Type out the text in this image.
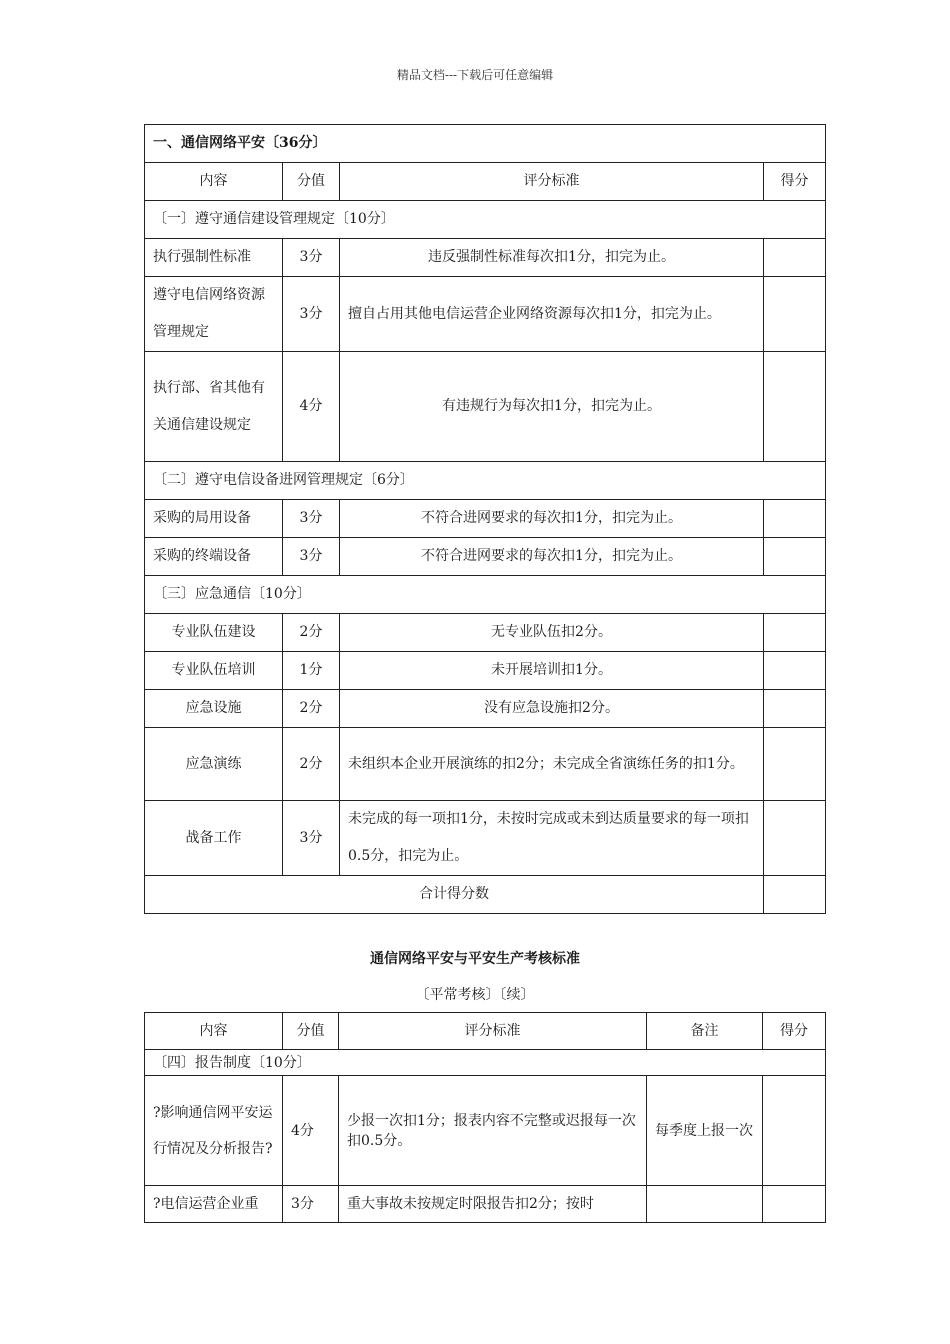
精品文档---下载后可任意编辑
一、通信网络平安〔36分〕			
内容	分值	评分标准	得分
〔一〕遵守通信建设管理规定〔10分〕			
执行强制性标准	3分	违反强制性标准每次扣1分，扣完为止。	
遵守电信网络资源管理规定	3分	擅自占用其他电信运营企业网络资源每次扣1分，扣完为止。	
执行部、省其他有关通信建设规定	4分	有违规行为每次扣1分，扣完为止。	
〔二〕遵守电信设备进网管理规定〔6分〕			
采购的局用设备	3分	不符合进网要求的每次扣1分，扣完为止。	
采购的终端设备	3分	不符合进网要求的每次扣1分，扣完为止。	
〔三〕应急通信〔10分〕			
专业队伍建设	2分	无专业队伍扣2分。	
专业队伍培训	1分	未开展培训扣1分。	
应急设施	2分	没有应急设施扣2分。	
应急演练	2分	未组织本企业开展演练的扣2分；未完成全省演练任务的扣1分。	
战备工作	3分	未完成的每一项扣1分，未按时完成或未到达质量要求的每一项扣0.5分，扣完为止。	
合计得分数			
通信网络平安与平安生产考核标准
〔平常考核〕〔续〕
内容	分值	评分标准	备注	得分
〔四〕报告制度〔10分〕				
?影响通信网平安运行情况及分析报告?	4分	少报一次扣1分；报表内容不完整或迟报每一次扣0.5分。	每季度上报一次	
?电信运营企业重	3分	重大事故未按规定时限报告扣2分；按时		
